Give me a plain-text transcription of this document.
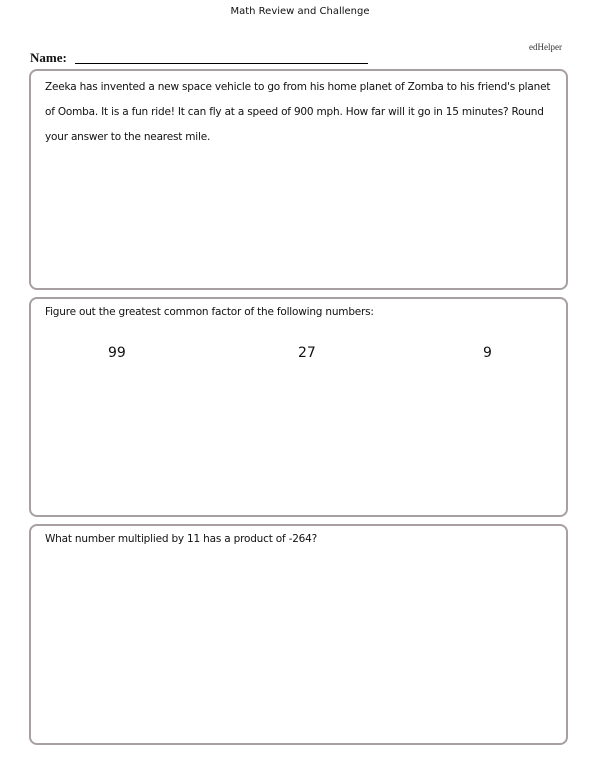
Math Review and Challenge
edHelper
Name:
Zeeka has invented a new space vehicle to go from his home planet of Zomba to his friend's planet of Oomba. It is a fun ride! It can fly at a speed of 900 mph. How far will it go in 15 minutes? Round your answer to the nearest mile.
Figure out the greatest common factor of the following numbers:
99	27	9
What number multiplied by 11 has a product of -264?
